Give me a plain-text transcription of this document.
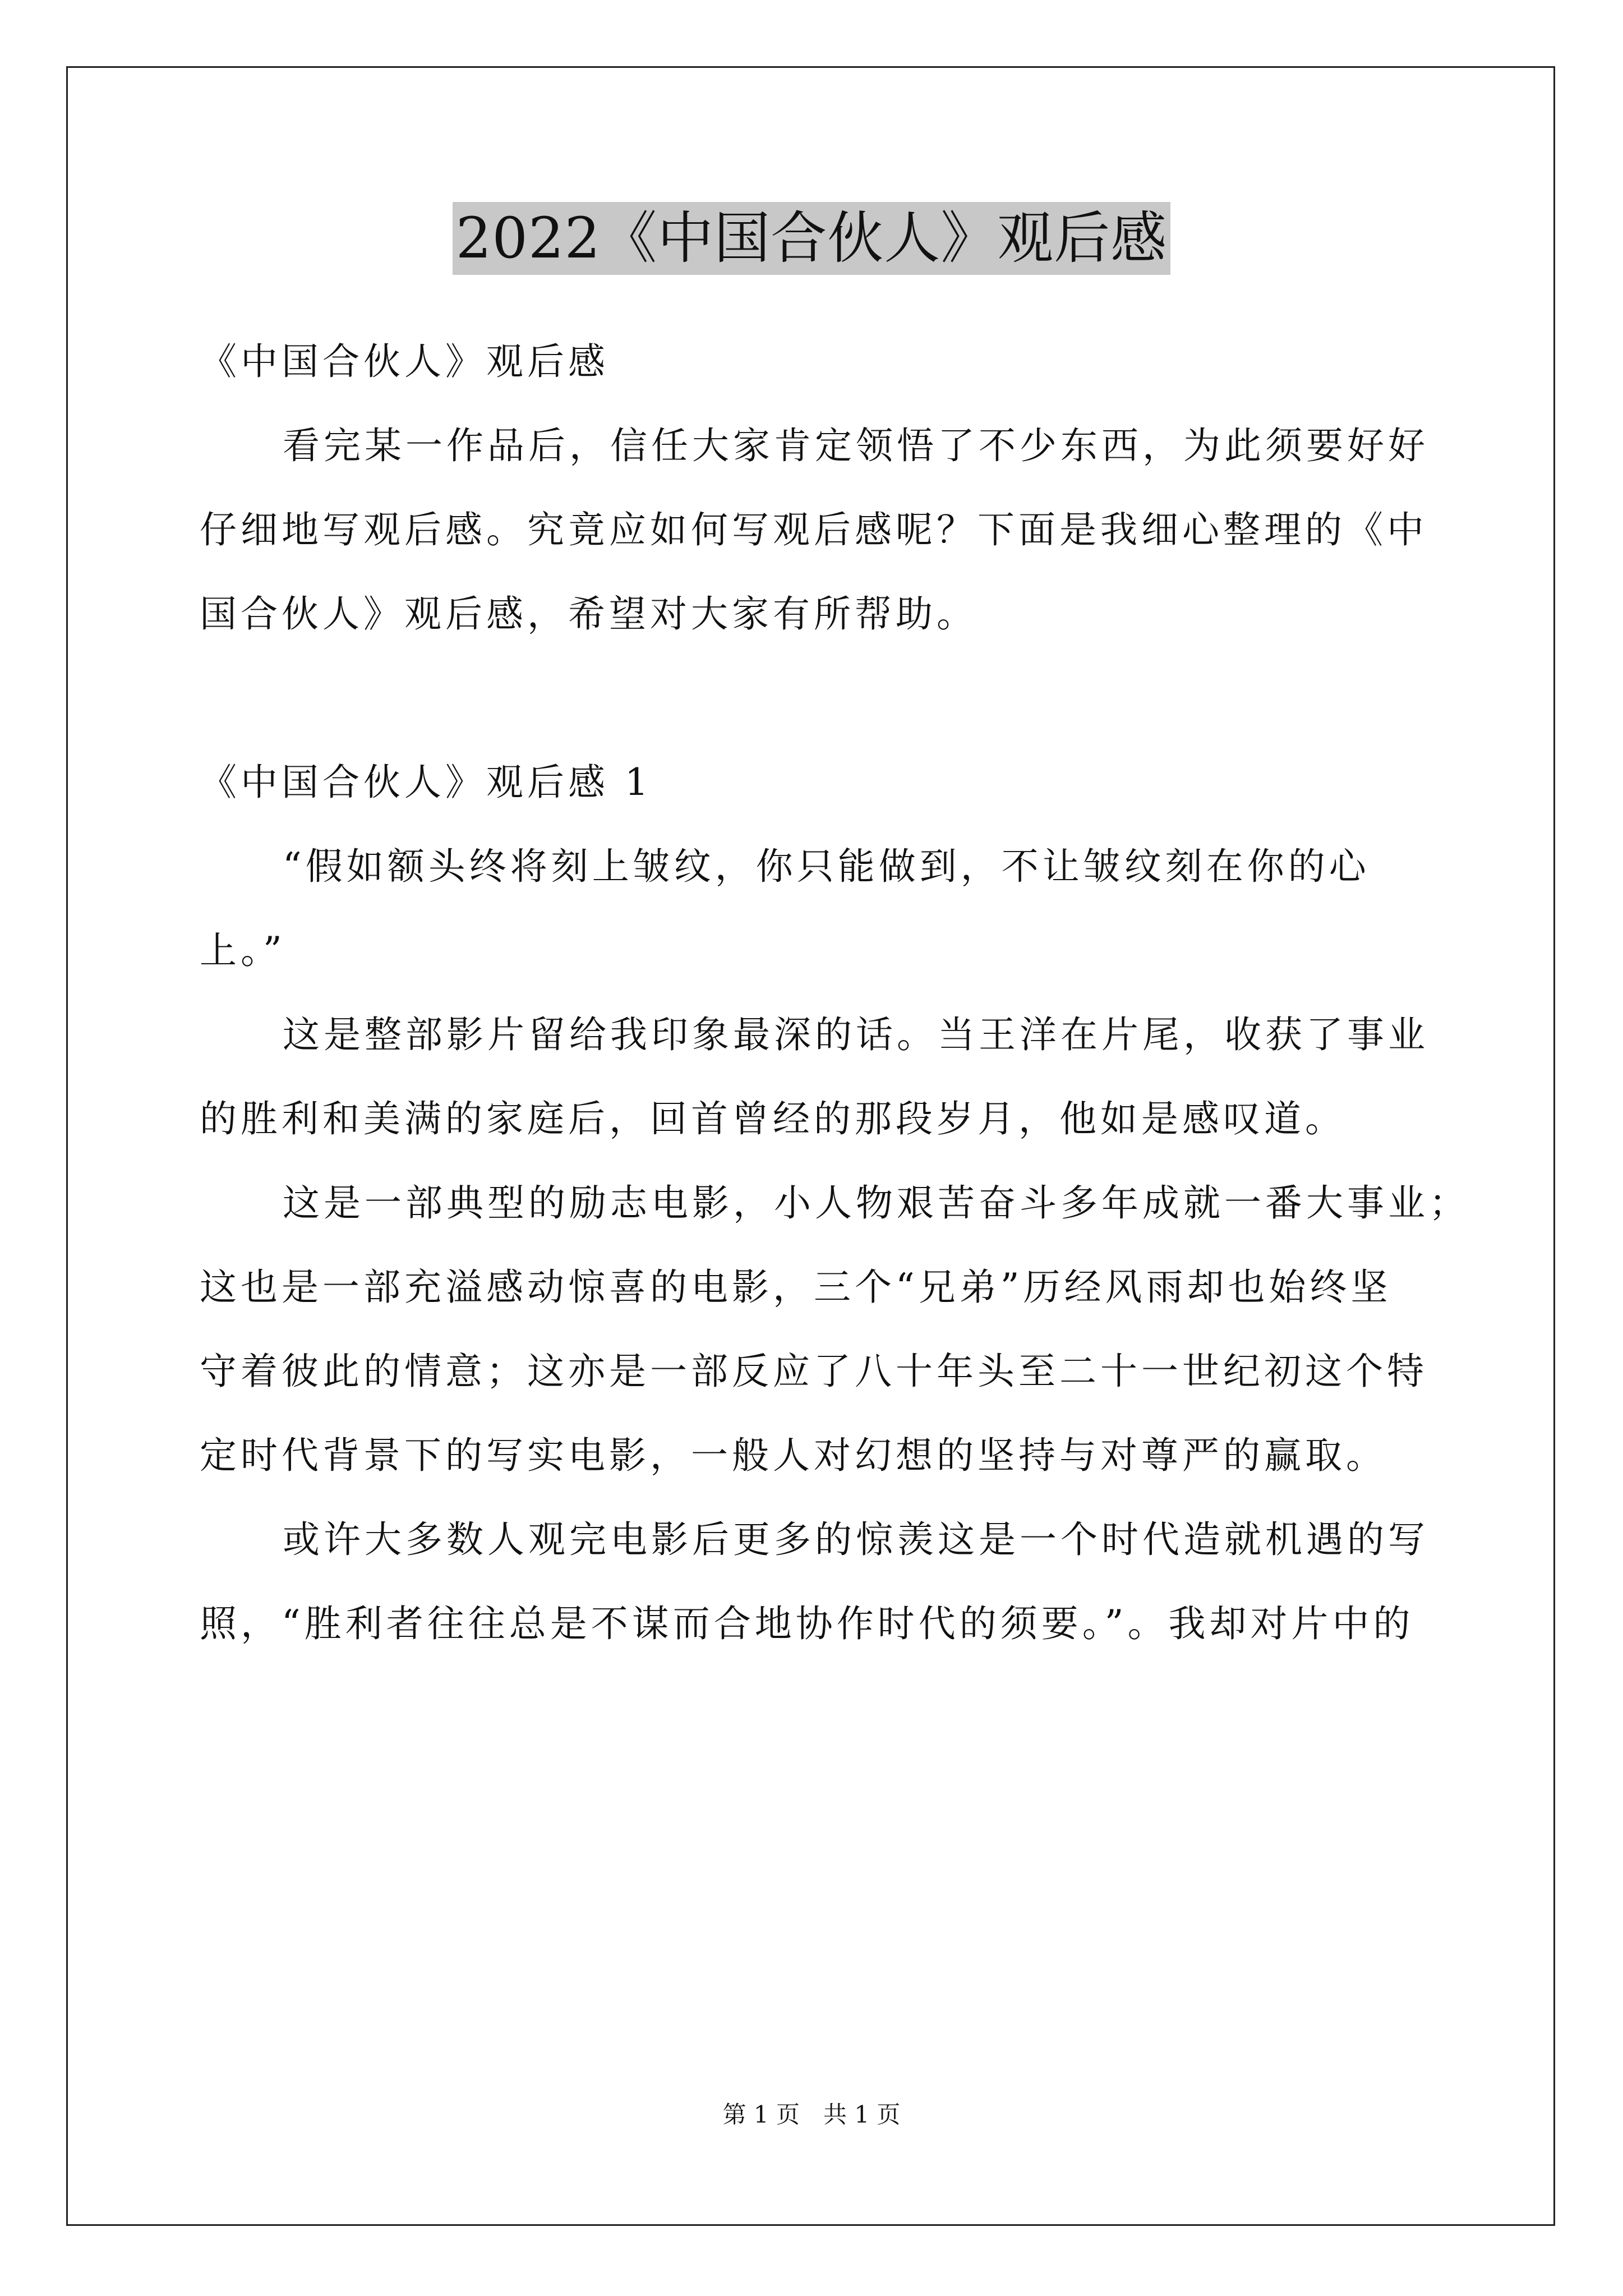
2022《中国合伙人》观后感
《中国合伙人》观后感
看完某一作品后，信任大家肯定领悟了不少东西，为此须要好好
仔细地写观后感。究竟应如何写观后感呢？下面是我细心整理的《中
国合伙人》观后感，希望对大家有所帮助。
《中国合伙人》观后感 1
“假如额头终将刻上皱纹，你只能做到，不让皱纹刻在你的心
上。”
这是整部影片留给我印象最深的话。当王洋在片尾，收获了事业
的胜利和美满的家庭后，回首曾经的那段岁月，他如是感叹道。
这是一部典型的励志电影，小人物艰苦奋斗多年成就一番大事业；
这也是一部充溢感动惊喜的电影，三个“兄弟”历经风雨却也始终坚
守着彼此的情意；这亦是一部反应了八十年头至二十一世纪初这个特
定时代背景下的写实电影，一般人对幻想的坚持与对尊严的赢取。
或许大多数人观完电影后更多的惊羡这是一个时代造就机遇的写
照，“胜利者往往总是不谋而合地协作时代的须要。”。我却对片中的
第 1 页　共 1 页
